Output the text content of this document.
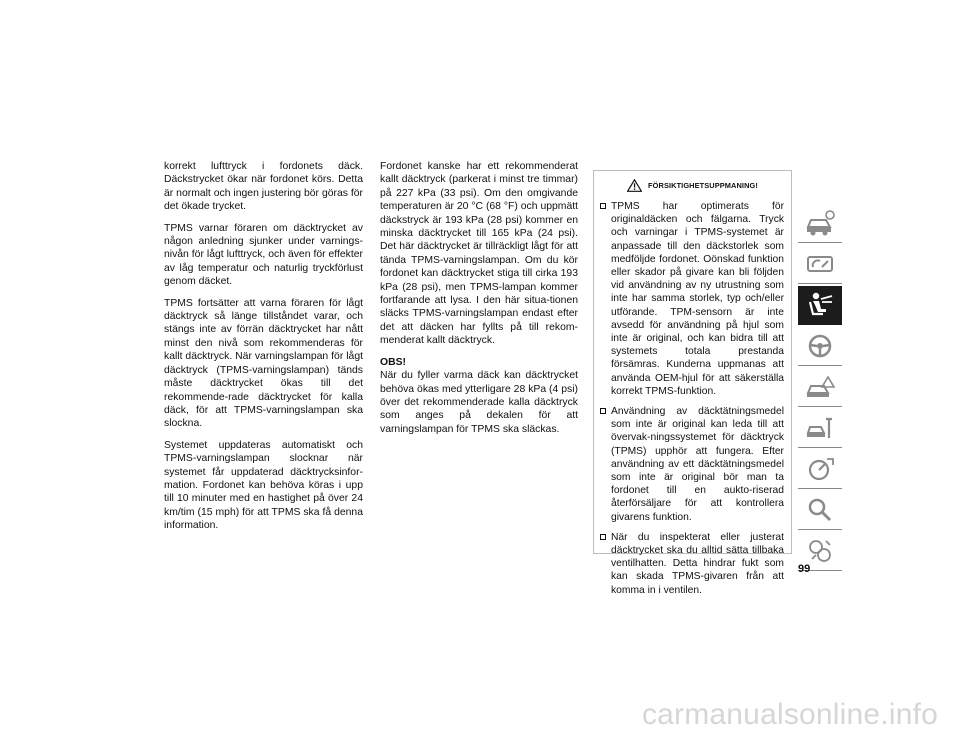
korrekt lufttryck i fordonets däck. Däckstrycket ökar när fordonet körs. Detta är normalt och ingen justering bör göras för det ökade trycket.

TPMS varnar föraren om däcktrycket av någon anledning sjunker under varnings-nivån för lågt lufttryck, och även för effekter av låg temperatur och naturlig tryckförlust genom däcket.

TPMS fortsätter att varna föraren för lågt däcktryck så länge tillståndet varar, och stängs inte av förrän däcktrycket har nått minst den nivå som rekommenderas för kallt däcktryck. När varningslampan för lågt däcktryck (TPMS-varningslampan) tänds måste däcktrycket ökas till det rekommende-rade däcktrycket för kalla däck, för att TPMS-varningslampan ska slockna.

Systemet uppdateras automatiskt och TPMS-varningslampan slocknar när systemet får uppdaterad däcktrycksinfor-mation. Fordonet kan behöva köras i upp till 10 minuter med en hastighet på över 24 km/tim (15 mph) för att TPMS ska få denna information.

Fordonet kanske har ett rekommenderat kallt däcktryck (parkerat i minst tre timmar) på 227 kPa (33 psi). Om den omgivande temperaturen är 20 °C (68 °F) och uppmätt däckstryck är 193 kPa (28 psi) kommer en minska däcktrycket till 165 kPa (24 psi). Det här däcktrycket är tillräckligt lågt för att tända TPMS-varningslampan. Om du kör fordonet kan däcktrycket stiga till cirka 193 kPa (28 psi), men TPMS-lampan kommer fortfarande att lysa. I den här situa-tionen släcks TPMS-varningslampan endast efter det att däcken har fyllts på till rekom-menderat kallt däcktryck.

OBS!

När du fyller varma däck kan däcktrycket behöva ökas med ytterligare 28 kPa (4 psi) över det rekommenderade kalla däcktryck som anges på dekalen för att varningslampan för TPMS ska släckas.

FÖRSIKTIGHETSUPPMANING!
TPMS har optimerats för originaldäcken och fälgarna. Tryck och varningar i TPMS-systemet är anpassade till den däckstorlek som medföljde fordonet. Oönskad funktion eller skador på givare kan bli följden vid användning av ny utrustning som inte har samma storlek, typ och/eller utförande. TPM-sensorn är inte avsedd för användning på hjul som inte är original, och kan bidra till att systemets totala prestanda försämras. Kunderna uppmanas att använda OEM-hjul för att säkerställa korrekt TPMS-funktion.
Användning av däcktätningsmedel som inte är original kan leda till att övervak-ningssystemet för däcktryck (TPMS) upphör att fungera. Efter användning av ett däcktätningsmedel som inte är original bör man ta fordonet till en aukto-riserad återförsäljare för att kontrollera givarens funktion.
När du inspekterat eller justerat däcktrycket ska du alltid sätta tillbaka ventilhatten. Detta hindrar fukt som kan skada TPMS-givaren från att komma in i ventilen.
99
carmanualsonline.info
